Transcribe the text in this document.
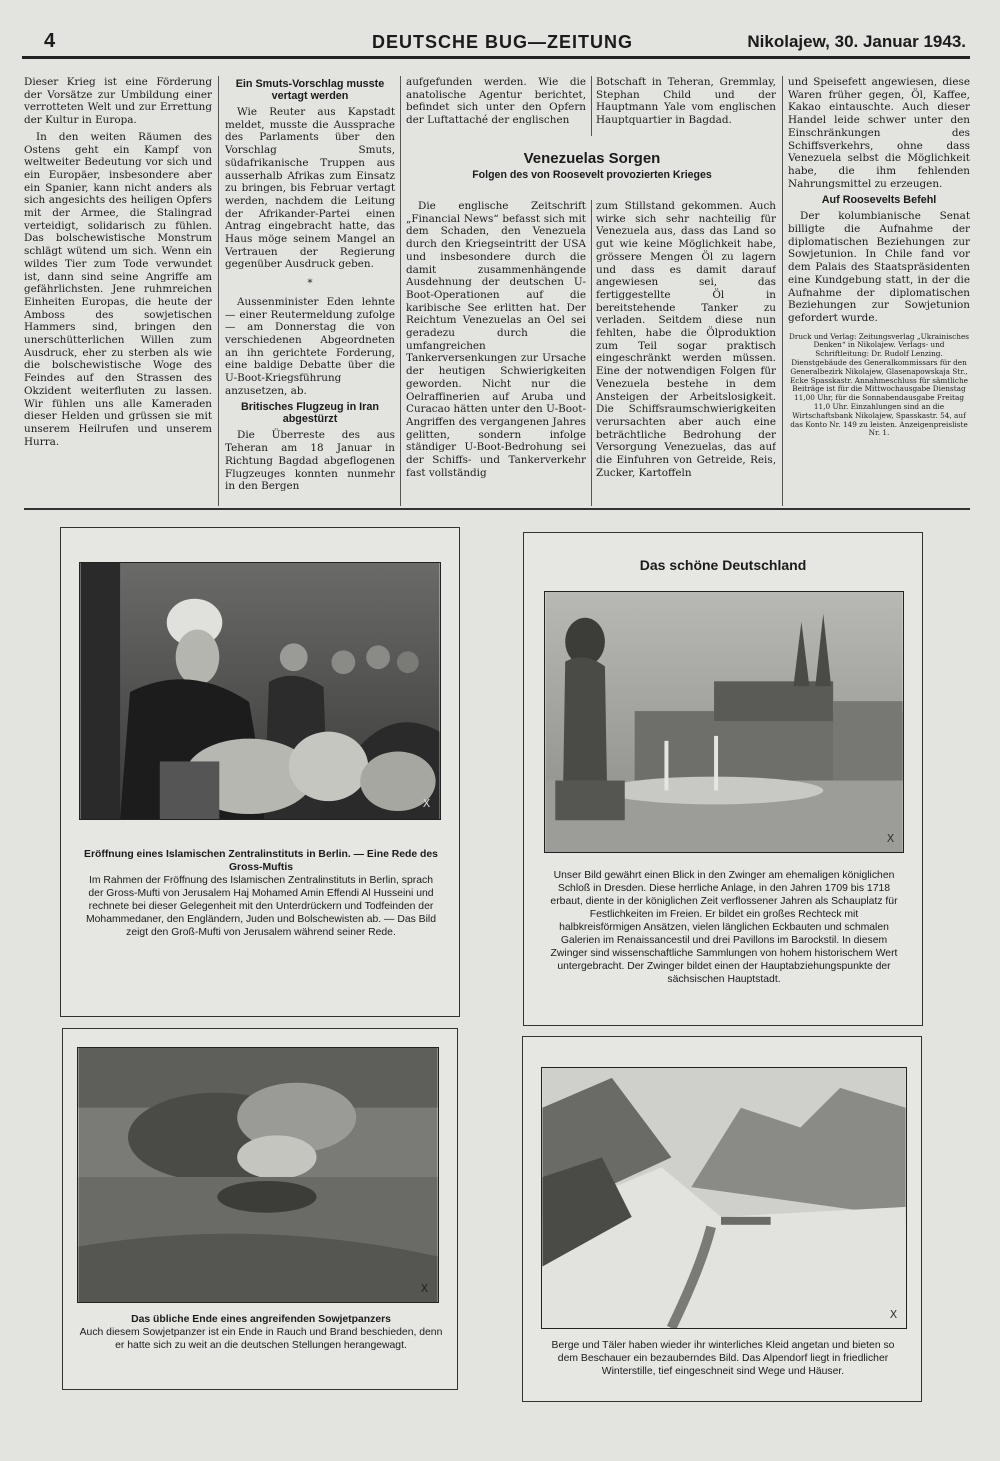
4	DEUTSCHE BUG—ZEITUNG	Nikolajew, 30. Januar 1943.

Dieser Krieg ist eine Förderung der Vorsätze zur Umbildung einer verrotteten Welt und zur Errettung der Kultur in Europa.

In den weiten Räumen des Ostens geht ein Kampf von weltweiter Bedeutung vor sich und ein Europäer, insbesondere aber ein Spanier, kann nicht anders als sich angesichts des heiligen Opfers mit der Armee, die Stalingrad verteidigt, solidarisch zu fühlen. Das bolschewistische Monstrum schlägt wütend um sich. Wenn ein wildes Tier zum Tode verwundet ist, dann sind seine Angriffe am gefährlichsten. Jene ruhmreichen Einheiten Europas, die heute der Amboss des sowjetischen Hammers sind, bringen den unerschütterlichen Willen zum Ausdruck, eher zu sterben als wie die bolschewistische Woge des Feindes auf den Strassen des Okzident weiterfluten zu lassen. Wir fühlen uns alle Kameraden dieser Helden und grüssen sie mit unserem Heilrufen und unserem Hurra.

Ein Smuts-Vorschlag musste vertagt werden

Wie Reuter aus Kapstadt meldet, musste die Aussprache des Parlaments über den Vorschlag Smuts, südafrikanische Truppen aus ausserhalb Afrikas zum Einsatz zu bringen, bis Februar vertagt werden, nachdem die Leitung der Afrikander-Partei einen Antrag eingebracht hatte, das Haus möge seinem Mangel an Vertrauen der Regierung gegenüber Ausdruck geben.

*

Aussenminister Eden lehnte — einer Reutermeldung zufolge — am Donnerstag die von verschiedenen Abgeordneten an ihn gerichtete Forderung, eine baldige Debatte über die U-Boot-Kriegsführung anzusetzen, ab.

Britisches Flugzeug in Iran abgestürzt

Die Überreste des aus Teheran am 18 Januar in Richtung Bagdad abgeflogenen Flugzeuges konnten nunmehr in den Bergen

aufgefunden werden. Wie die anatolische Agentur berichtet, befindet sich unter den Opfern der Luftattaché der englischen

Botschaft in Teheran, Gremmlay, Stephan Child und der Hauptmann Yale vom englischen Hauptquartier in Bagdad.

Venezuelas Sorgen
Folgen des von Roosevelt provozierten Krieges

Die englische Zeitschrift „Financial News“ befasst sich mit dem Schaden, den Venezuela durch den Kriegseintritt der USA und insbesondere durch die damit zusammenhängende Ausdehnung der deutschen U-Boot-Operationen auf die karibische See erlitten hat. Der Reichtum Venezuelas an Oel sei geradezu durch die umfangreichen Tankerversenkungen zur Ursache der heutigen Schwierigkeiten geworden. Nicht nur die Oelraffinerien auf Aruba und Curacao hätten unter den U-Boot-Angriffen des vergangenen Jahres gelitten, sondern infolge ständiger U-Boot-Bedrohung sei der Schiffs- und Tankerverkehr fast vollständig

zum Stillstand gekommen. Auch wirke sich sehr nachteilig für Venezuela aus, dass das Land so gut wie keine Möglichkeit habe, grössere Mengen Öl zu lagern und dass es damit darauf angewiesen sei, das fertiggestellte Öl in bereitstehende Tanker zu verladen. Seitdem diese nun fehlten, habe die Ölproduktion zum Teil sogar praktisch eingeschränkt werden müssen. Eine der notwendigen Folgen für Venezuela bestehe in dem Ansteigen der Arbeitslosigkeit. Die Schiffsraumschwierigkeiten verursachten aber auch eine beträchtliche Bedrohung der Versorgung Venezuelas, das auf die Einfuhren von Getreide, Reis, Zucker, Kartoffeln

und Speisefett angewiesen, diese Waren früher gegen, Öl, Kaffee, Kakao eintauschte. Auch dieser Handel leide schwer unter den Einschränkungen des Schiffsverkehrs, ohne dass Venezuela selbst die Möglichkeit habe, die ihm fehlenden Nahrungsmittel zu erzeugen.

Auf Roosevelts Befehl

Der kolumbianische Senat billigte die Aufnahme der diplomatischen Beziehungen zur Sowjetunion. In Chile fand vor dem Palais des Staatspräsidenten eine Kundgebung statt, in der die Aufnahme der diplomatischen Beziehungen zur Sowjetunion gefordert wurde.

Druck und Verlag: Zeitungsverlag „Ukrainisches Denken“ in Nikolajew. Verlags- und Schriftleitung: Dr. Rudolf Lenzing. Dienstgebäude des Generalkommissars für den Generalbezirk Nikolajew, Glasenapowskaja Str., Ecke Spasskastr. Annahmeschluss für sämtliche Beiträge ist für die Mittwochausgabe Dienstag 11,00 Uhr, für die Sonnabendausgabe Freitag 11,0 Uhr. Einzahlungen sind an die Wirtschaftsbank Nikolajew, Spasskastr. 54, auf das Konto Nr. 149 zu leisten. Anzeigenpreisliste Nr. 1.
X
Eröffnung eines Islamischen Zentralinstituts in Berlin. — Eine Rede des Gross-Muftis
Im Rahmen der Fröffnung des Islamischen Zentralinstituts in Berlin, sprach der Gross-Mufti von Jerusalem Haj Mohamed Amin Effendi Al Husseini und rechnete bei dieser Gelegenheit mit den Unterdrückern und Todfeinden der Mohammedaner, den Engländern, Juden und Bolschewisten ab. — Das Bild zeigt den Groß-Mufti von Jerusalem während seiner Rede.
Das schöne Deutschland
X
Unser Bild gewährt einen Blick in den Zwinger am ehemaligen königlichen Schloß in Dresden. Diese herrliche Anlage, in den Jahren 1709 bis 1718 erbaut, diente in der königlichen Zeit verflossener Jahren als Schauplatz für Festlichkeiten im Freien. Er bildet ein großes Rechteck mit halbkreisförmigen Ansätzen, vielen länglichen Eckbauten und schmalen Galerien im Renaissancestil und drei Pavillons im Barockstil. In diesem Zwinger sind wissenschaftliche Sammlungen von hohem historischem Wert untergebracht. Der Zwinger bildet einen der Hauptabziehungspunkte der sächsischen Hauptstadt.
X
Das übliche Ende eines angreifenden Sowjetpanzers
Auch diesem Sowjetpanzer ist ein Ende in Rauch und Brand beschieden, denn er hatte sich zu weit an die deutschen Stellungen herangewagt.
X
Berge und Täler haben wieder ihr winterliches Kleid angetan und bieten so dem Beschauer ein bezauberndes Bild. Das Alpendorf liegt in friedlicher Winterstille, tief eingeschneit sind Wege und Häuser.
